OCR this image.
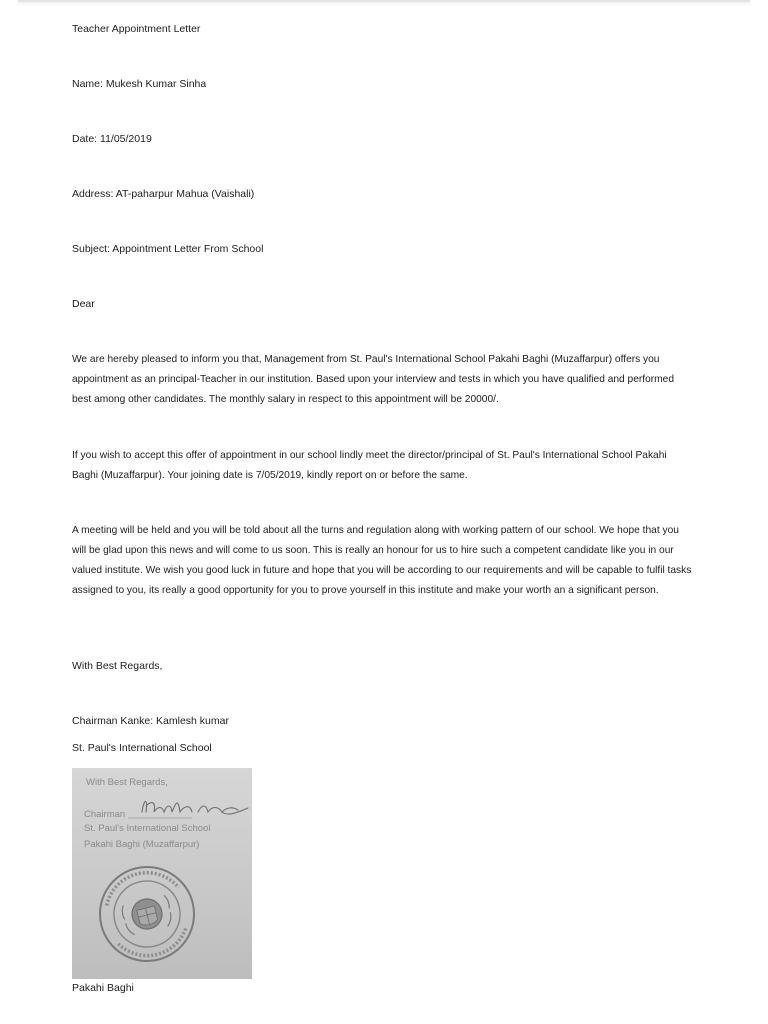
Teacher Appointment Letter
Name: Mukesh Kumar Sinha
Date: 11/05/2019
Address: AT-paharpur Mahua (Vaishali)
Subject: Appointment Letter From School
Dear
We are hereby pleased to inform you that, Management from St. Paul's International School Pakahi Baghi (Muzaffarpur) offers you appointment as an principal-Teacher in our institution. Based upon your interview and tests in which you have qualified and performed best among other candidates. The monthly salary in respect to this appointment will be 20000/.
If you wish to accept this offer of appointment in our school lindly meet the director/principal of St. Paul's International School Pakahi Baghi (Muzaffarpur). Your joining date is 7/05/2019, kindly report on or before the same.
A meeting will be held and you will be told about all the turns and regulation along with working pattern of our school. We hope that you will be glad upon this news and will come to us soon. This is really an honour for us to hire such a competent candidate like you in our valued institute. We wish you good luck in future and hope that you will be according to our requirements and will be capable to fulfil tasks assigned to you, its really a good opportunity for you to prove yourself in this institute and make your worth an a significant person.
With Best Regards,
Chairman Kanke: Kamlesh kumar
St. Paul's International School
With Best Regards,
Chairman
St. Paul's International School
Pakahi Baghi (Muzaffarpur)
Pakahi Baghi
